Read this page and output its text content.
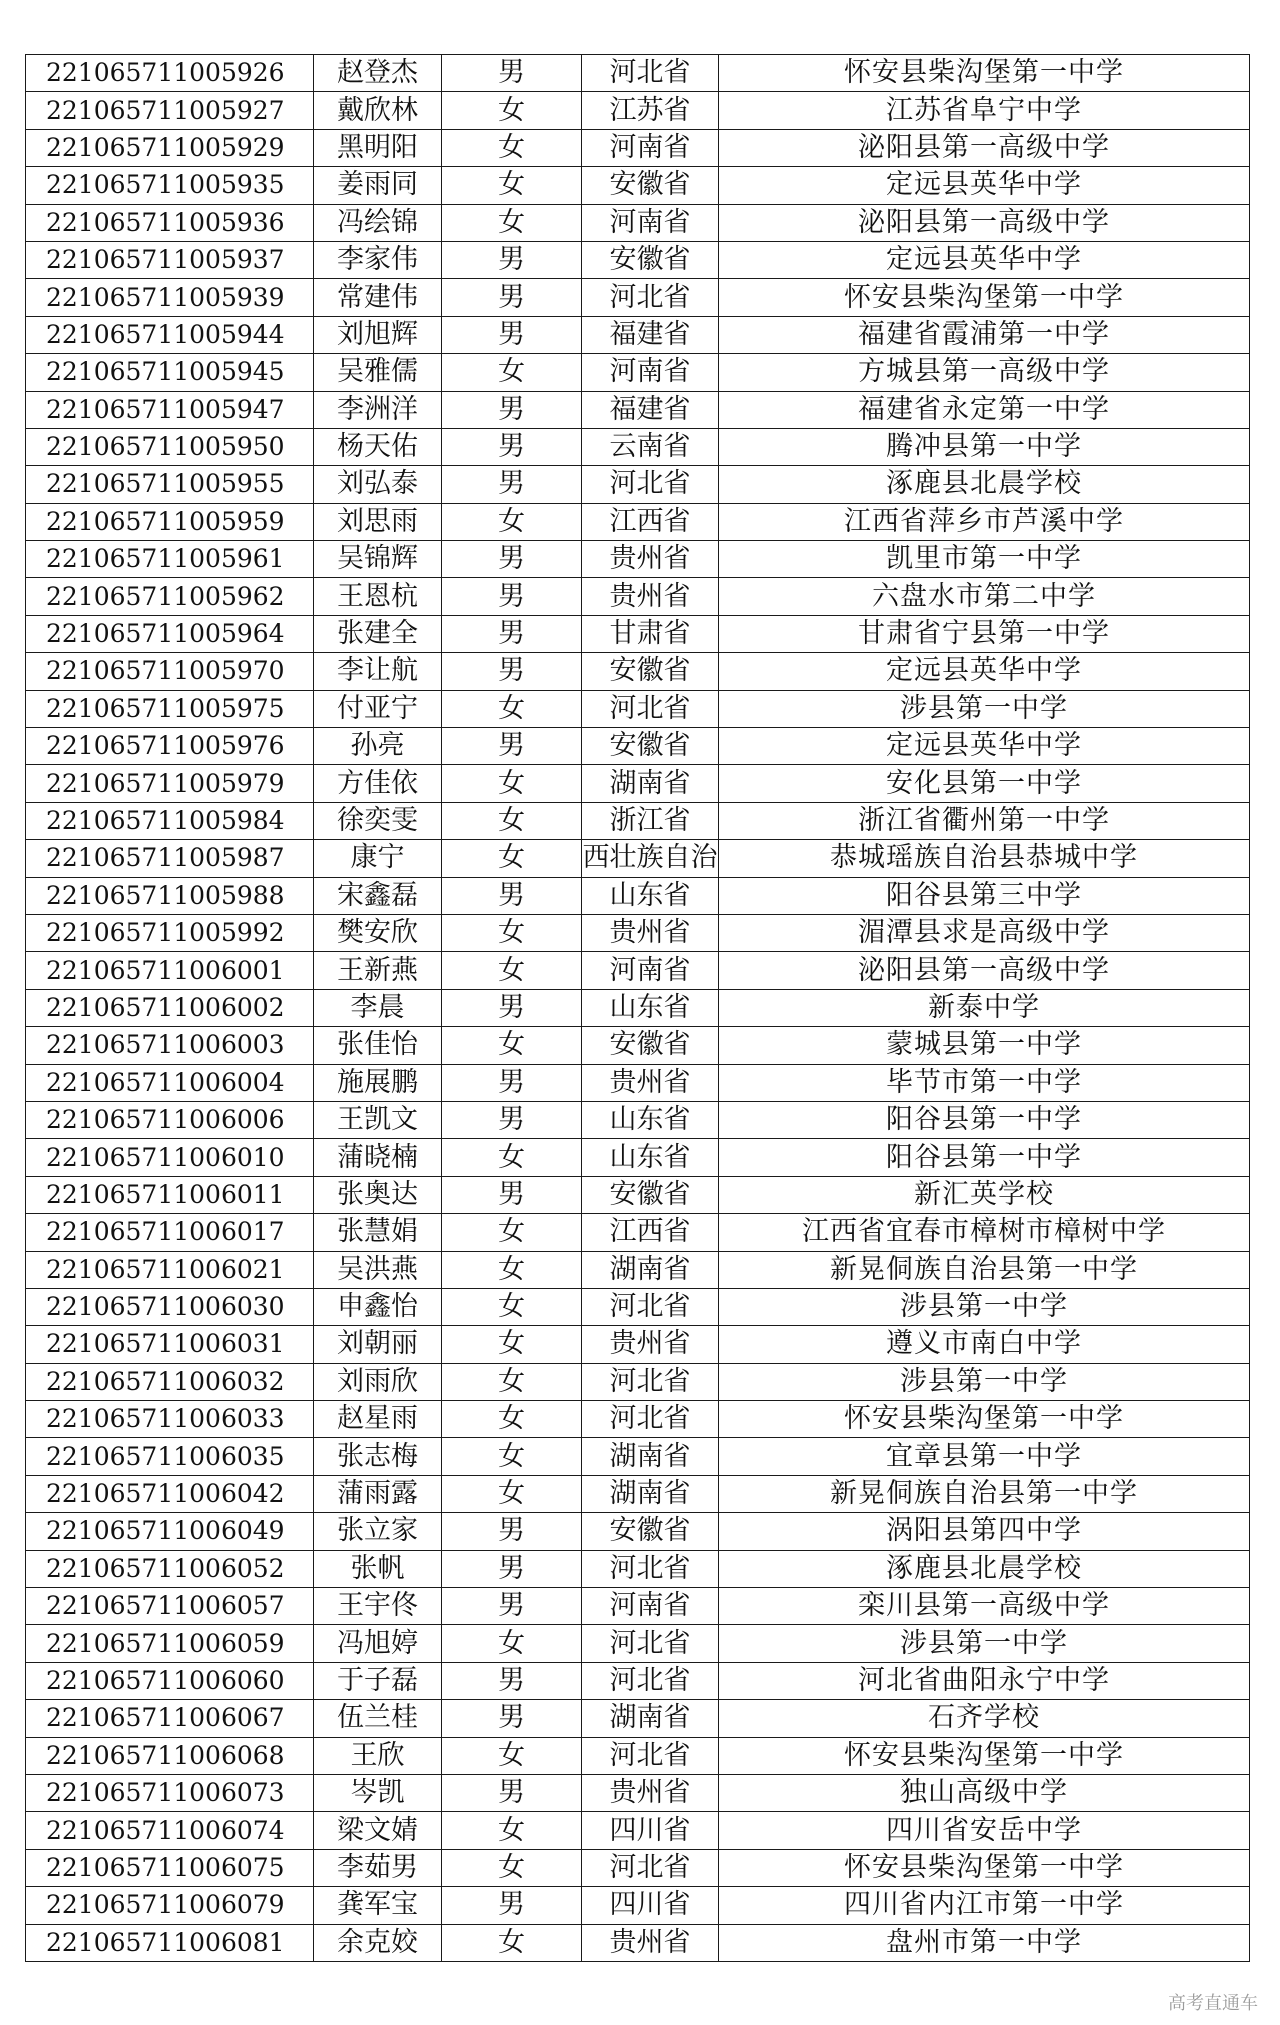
221065711005926	赵登杰	男	河北省	怀安县柴沟堡第一中学
221065711005927	戴欣林	女	江苏省	江苏省阜宁中学
221065711005929	黑明阳	女	河南省	泌阳县第一高级中学
221065711005935	姜雨同	女	安徽省	定远县英华中学
221065711005936	冯绘锦	女	河南省	泌阳县第一高级中学
221065711005937	李家伟	男	安徽省	定远县英华中学
221065711005939	常建伟	男	河北省	怀安县柴沟堡第一中学
221065711005944	刘旭辉	男	福建省	福建省霞浦第一中学
221065711005945	吴雅儒	女	河南省	方城县第一高级中学
221065711005947	李洲洋	男	福建省	福建省永定第一中学
221065711005950	杨天佑	男	云南省	腾冲县第一中学
221065711005955	刘弘泰	男	河北省	涿鹿县北晨学校
221065711005959	刘思雨	女	江西省	江西省萍乡市芦溪中学
221065711005961	吴锦辉	男	贵州省	凯里市第一中学
221065711005962	王恩杭	男	贵州省	六盘水市第二中学
221065711005964	张建全	男	甘肃省	甘肃省宁县第一中学
221065711005970	李让航	男	安徽省	定远县英华中学
221065711005975	付亚宁	女	河北省	涉县第一中学
221065711005976	孙亮	男	安徽省	定远县英华中学
221065711005979	方佳依	女	湖南省	安化县第一中学
221065711005984	徐奕雯	女	浙江省	浙江省衢州第一中学
221065711005987	康宁	女	西壮族自治	恭城瑶族自治县恭城中学
221065711005988	宋鑫磊	男	山东省	阳谷县第三中学
221065711005992	樊安欣	女	贵州省	湄潭县求是高级中学
221065711006001	王新燕	女	河南省	泌阳县第一高级中学
221065711006002	李晨	男	山东省	新泰中学
221065711006003	张佳怡	女	安徽省	蒙城县第一中学
221065711006004	施展鹏	男	贵州省	毕节市第一中学
221065711006006	王凯文	男	山东省	阳谷县第一中学
221065711006010	蒲晓楠	女	山东省	阳谷县第一中学
221065711006011	张奥达	男	安徽省	新汇英学校
221065711006017	张慧娟	女	江西省	江西省宜春市樟树市樟树中学
221065711006021	吴洪燕	女	湖南省	新晃侗族自治县第一中学
221065711006030	申鑫怡	女	河北省	涉县第一中学
221065711006031	刘朝丽	女	贵州省	遵义市南白中学
221065711006032	刘雨欣	女	河北省	涉县第一中学
221065711006033	赵星雨	女	河北省	怀安县柴沟堡第一中学
221065711006035	张志梅	女	湖南省	宜章县第一中学
221065711006042	蒲雨露	女	湖南省	新晃侗族自治县第一中学
221065711006049	张立家	男	安徽省	涡阳县第四中学
221065711006052	张帆	男	河北省	涿鹿县北晨学校
221065711006057	王宇佟	男	河南省	栾川县第一高级中学
221065711006059	冯旭婷	女	河北省	涉县第一中学
221065711006060	于子磊	男	河北省	河北省曲阳永宁中学
221065711006067	伍兰桂	男	湖南省	石齐学校
221065711006068	王欣	女	河北省	怀安县柴沟堡第一中学
221065711006073	岑凯	男	贵州省	独山高级中学
221065711006074	梁文婧	女	四川省	四川省安岳中学
221065711006075	李茹男	女	河北省	怀安县柴沟堡第一中学
221065711006079	龚军宝	男	四川省	四川省内江市第一中学
221065711006081	余克姣	女	贵州省	盘州市第一中学
高考直通车
